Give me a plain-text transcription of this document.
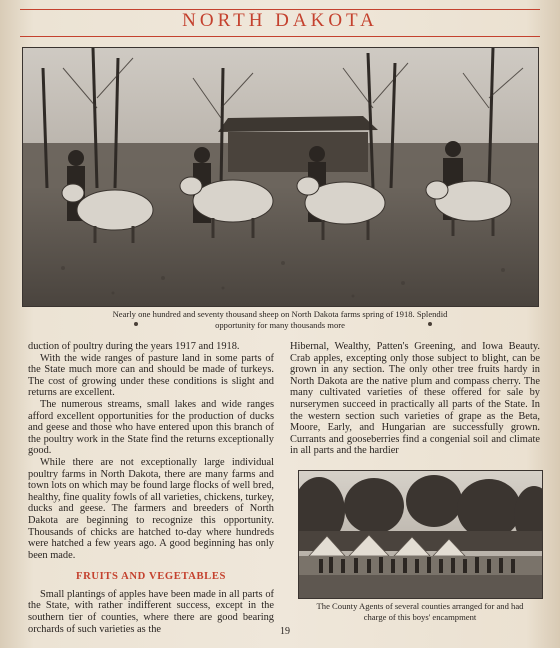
NORTH DAKOTA
Nearly one hundred and seventy thousand sheep on North Dakota farms spring of 1918. Splendid
opportunity for many thousands more

duction of poultry during the years 1917 and 1918.

With the wide ranges of pasture land in some parts of the State much more can and should be made of turkeys. The cost of growing under these conditions is slight and returns are excellent.

The numerous streams, small lakes and wide ranges afford excellent opportunities for the production of ducks and geese and those who have entered upon this branch of the poultry work in the State find the returns exceptionally good.

While there are not exceptionally large individual poultry farms in North Dakota, there are many farms and town lots on which may be found large flocks of well bred, healthy, fine quality fowls of all varieties, chickens, turkey, ducks and geese. The farmers and breeders of North Dakota are beginning to recognize this opportunity. Thousands of chicks are hatched to-day where hundreds were hatched a few years ago. A good beginning has only been made.

FRUITS AND VEGETABLES

Small plantings of apples have been made in all parts of the State, with rather indifferent success, except in the southern tier of counties, where there are good bearing orchards of such varieties as the

Hibernal, Wealthy, Patten's Greening, and Iowa Beauty. Crab apples, excepting only those subject to blight, can be grown in any section. The only other tree fruits hardy in North Dakota are the native plum and compass cherry. The many cultivated varieties of these offered for sale by nurserymen succeed in practically all parts of the State. In the western section such varieties of grape as the Beta, Moore, Early, and Hungarian are successfully grown. Currants and gooseberries find a congenial soil and climate in all parts and the hardier

The County Agents of several counties arranged for and had
charge of this boys' encampment
19
